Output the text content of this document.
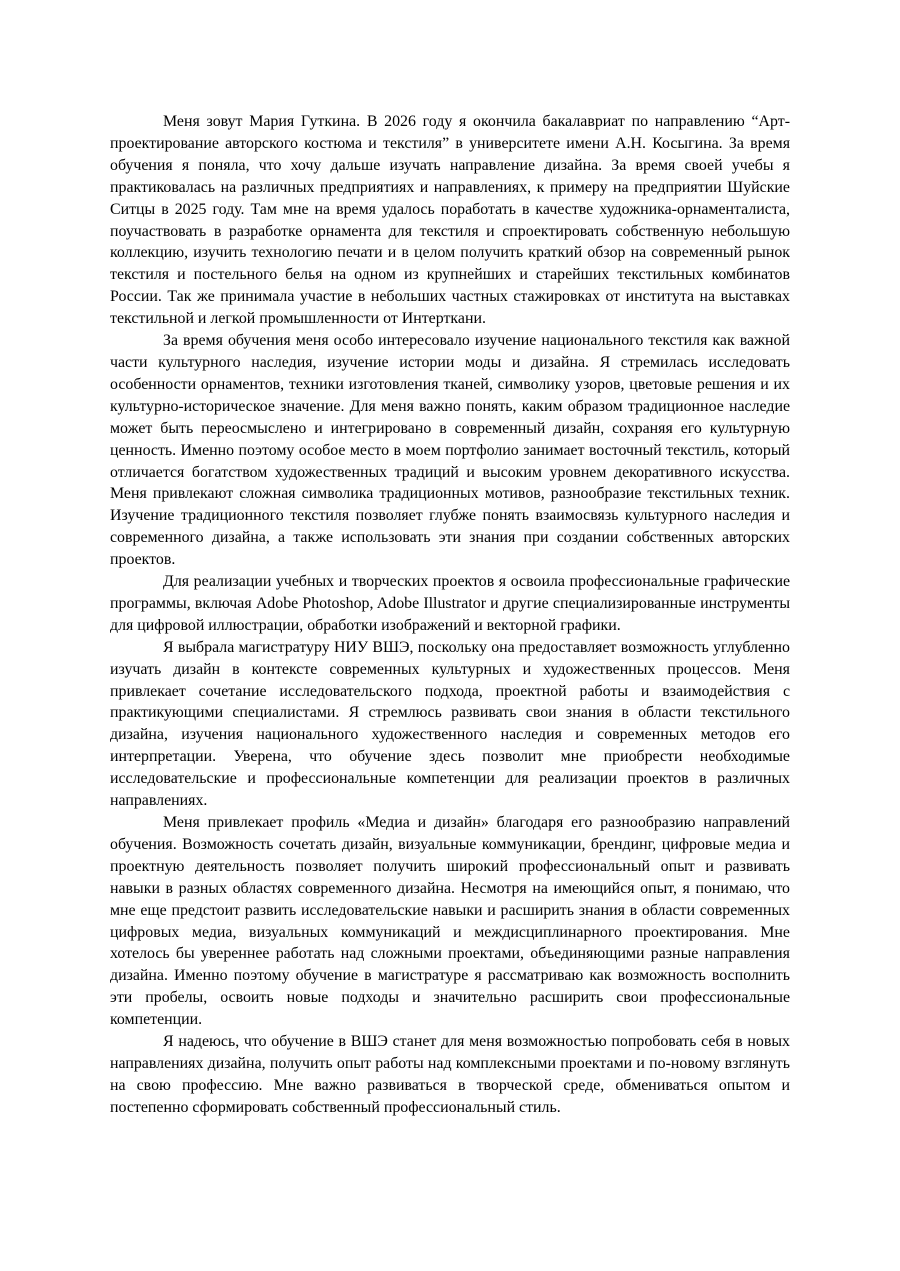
Меня зовут Мария Гуткина. В 2026 году я окончила бакалавриат по направлению “Арт-проектирование авторского костюма и текстиля” в университете имени А.Н. Косыгина. За время обучения я поняла, что хочу дальше изучать направление дизайна. За время своей учебы я практиковалась на различных предприятиях и направлениях, к примеру на предприятии Шуйские Ситцы в 2025 году. Там мне на время удалось поработать в качестве художника-орнаменталиста, поучаствовать в разработке орнамента для текстиля и спроектировать собственную небольшую коллекцию, изучить технологию печати и в целом получить краткий обзор на современный рынок текстиля и постельного белья на одном из крупнейших и старейших текстильных комбинатов России. Так же принимала участие в небольших частных стажировках от института на выставках текстильной и легкой промышленности от Интерткани.

За время обучения меня особо интересовало изучение национального текстиля как важной части культурного наследия, изучение истории моды и дизайна. Я стремилась исследовать особенности орнаментов, техники изготовления тканей, символику узоров, цветовые решения и их культурно-историческое значение. Для меня важно понять, каким образом традиционное наследие может быть переосмыслено и интегрировано в современный дизайн, сохраняя его культурную ценность. Именно поэтому особое место в моем портфолио занимает восточный текстиль, который отличается богатством художественных традиций и высоким уровнем декоративного искусства. Меня привлекают сложная символика традиционных мотивов, разнообразие текстильных техник. Изучение традиционного текстиля позволяет глубже понять взаимосвязь культурного наследия и современного дизайна, а также использовать эти знания при создании собственных авторских проектов.

Для реализации учебных и творческих проектов я освоила профессиональные графические программы, включая Adobe Photoshop, Adobe Illustrator и другие специализированные инструменты для цифровой иллюстрации, обработки изображений и векторной графики.

Я выбрала магистратуру НИУ ВШЭ, поскольку она предоставляет возможность углубленно изучать дизайн в контексте современных культурных и художественных процессов. Меня привлекает сочетание исследовательского подхода, проектной работы и взаимодействия с практикующими специалистами. Я стремлюсь развивать свои знания в области текстильного дизайна, изучения национального художественного наследия и современных методов его интерпретации. Уверена, что обучение здесь позволит мне приобрести необходимые исследовательские и профессиональные компетенции для реализации проектов в различных направлениях.

Меня привлекает профиль «Медиа и дизайн» благодаря его разнообразию направлений обучения. Возможность сочетать дизайн, визуальные коммуникации, брендинг, цифровые медиа и проектную деятельность позволяет получить широкий профессиональный опыт и развивать навыки в разных областях современного дизайна. Несмотря на имеющийся опыт, я понимаю, что мне еще предстоит развить исследовательские навыки и расширить знания в области современных цифровых медиа, визуальных коммуникаций и междисциплинарного проектирования. Мне хотелось бы увереннее работать над сложными проектами, объединяющими разные направления дизайна. Именно поэтому обучение в магистратуре я рассматриваю как возможность восполнить эти пробелы, освоить новые подходы и значительно расширить свои профессиональные компетенции.

Я надеюсь, что обучение в ВШЭ станет для меня возможностью попробовать себя в новых направлениях дизайна, получить опыт работы над комплексными проектами и по-новому взглянуть на свою профессию. Мне важно развиваться в творческой среде, обмениваться опытом и постепенно сформировать собственный профессиональный стиль.
